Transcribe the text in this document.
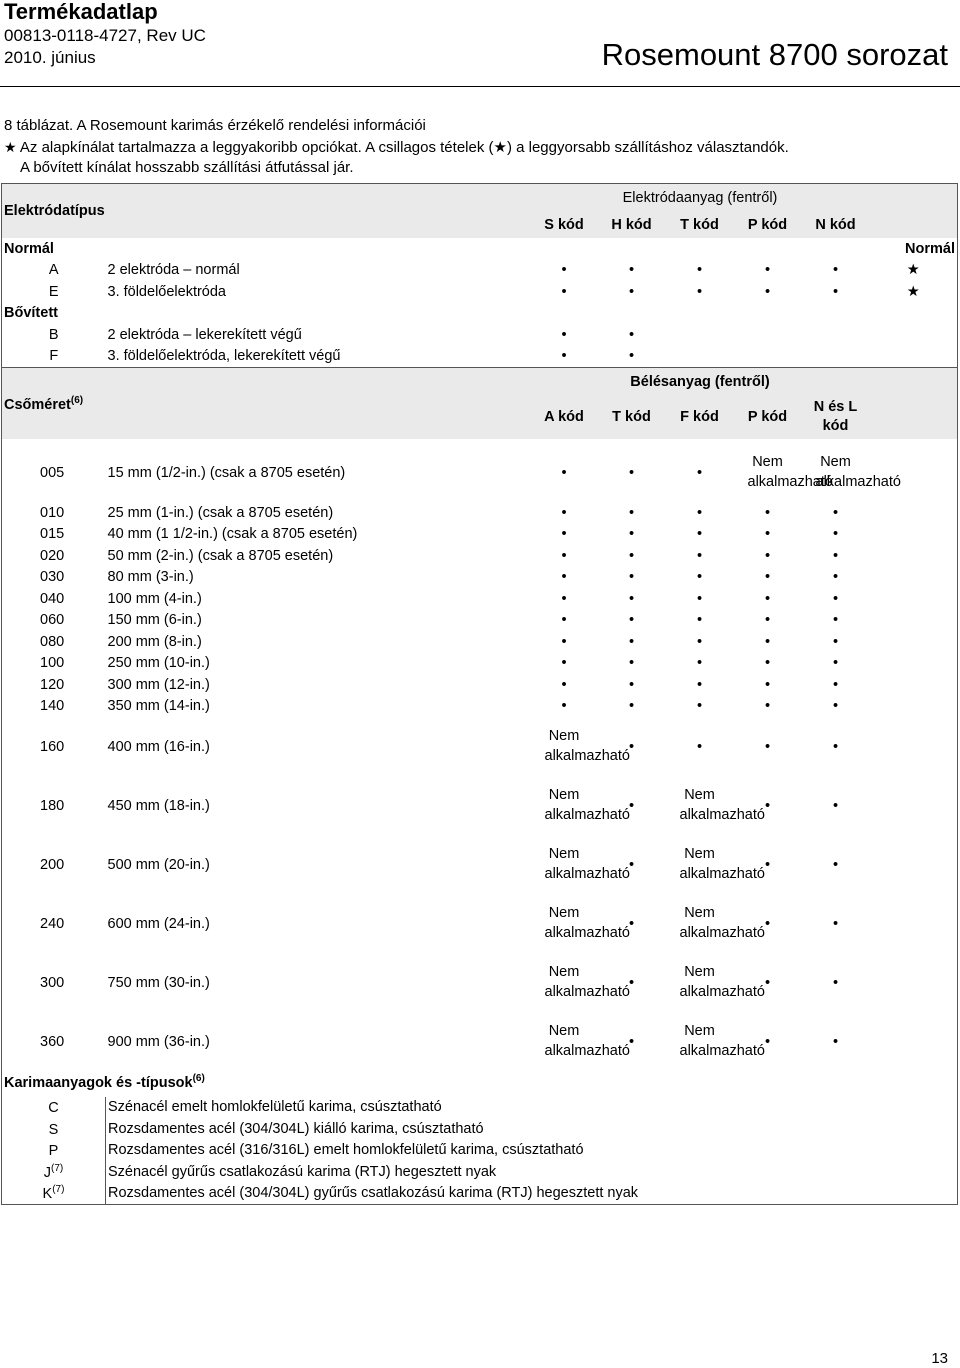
Termékadatlap
00813-0118-4727, Rev UC
2010. június	Rosemount 8700 sorozat
8 táblázat. A Rosemount karimás érzékelő rendelési információi
★ Az alapkínálat tartalmazza a leggyakoribb opciókat. A csillagos tételek (★) a leggyorsabb szállításhoz választandók.
A bővített kínálat hosszabb szállítási átfutással jár.
Elektródatípus		Elektródaanyag (fentről)					
		S kód	H kód	T kód	P kód	N kód	
Normál							Normál
A	2 elektróda – normál	•	•	•	•	•	★
E	3. földelőelektróda	•	•	•	•	•	★
Bővített							
B	2 elektróda – lekerekített végű	•	•				
F	3. földelőelektróda, lekerekített végű	•	•				
Csőméret$^{(6)}$		Bélésanyag (fentről)					
		A kód	T kód	F kód	P kód	N és L kód	

005	15 mm (1/2-in.) (csak a 8705 esetén)	•	•	•	Nem alkalmazható	Nem alkalmazható	
010	25 mm (1-in.) (csak a 8705 esetén)	•	•	•	•	•	
015	40 mm (1 1/2-in.) (csak a 8705 esetén)	•	•	•	•	•	
020	50 mm (2-in.) (csak a 8705 esetén)	•	•	•	•	•	
030	80 mm (3-in.)	•	•	•	•	•	
040	100 mm (4-in.)	•	•	•	•	•	
060	150 mm (6-in.)	•	•	•	•	•	
080	200 mm (8-in.)	•	•	•	•	•	
100	250 mm (10-in.)	•	•	•	•	•	
120	300 mm (12-in.)	•	•	•	•	•	
140	350 mm (14-in.)	•	•	•	•	•	
160	400 mm (16-in.)	Nem alkalmazható	•	•	•	•	
180	450 mm (18-in.)	Nem alkalmazható	•	Nem alkalmazható	•	•	
200	500 mm (20-in.)	Nem alkalmazható	•	Nem alkalmazható	•	•	
240	600 mm (24-in.)	Nem alkalmazható	•	Nem alkalmazható	•	•	
300	750 mm (30-in.)	Nem alkalmazható	•	Nem alkalmazható	•	•	
360	900 mm (36-in.)	Nem alkalmazható	•	Nem alkalmazható	•	•	
Karimaanyagok és -típusok$^{(6)}$	

C	Szénacél emelt homlokfelületű karima, csúsztatható						
S	Rozsdamentes acél (304/304L) kiálló karima, csúsztatható						
P	Rozsdamentes acél (316/316L) emelt homlokfelületű karima, csúsztatható						
$J^{(7)}$	Szénacél gyűrűs csatlakozású karima (RTJ) hegesztett nyak						
$K^{(7)}$	Rozsdamentes acél (304/304L) gyűrűs csatlakozású karima (RTJ) hegesztett nyak						
13
